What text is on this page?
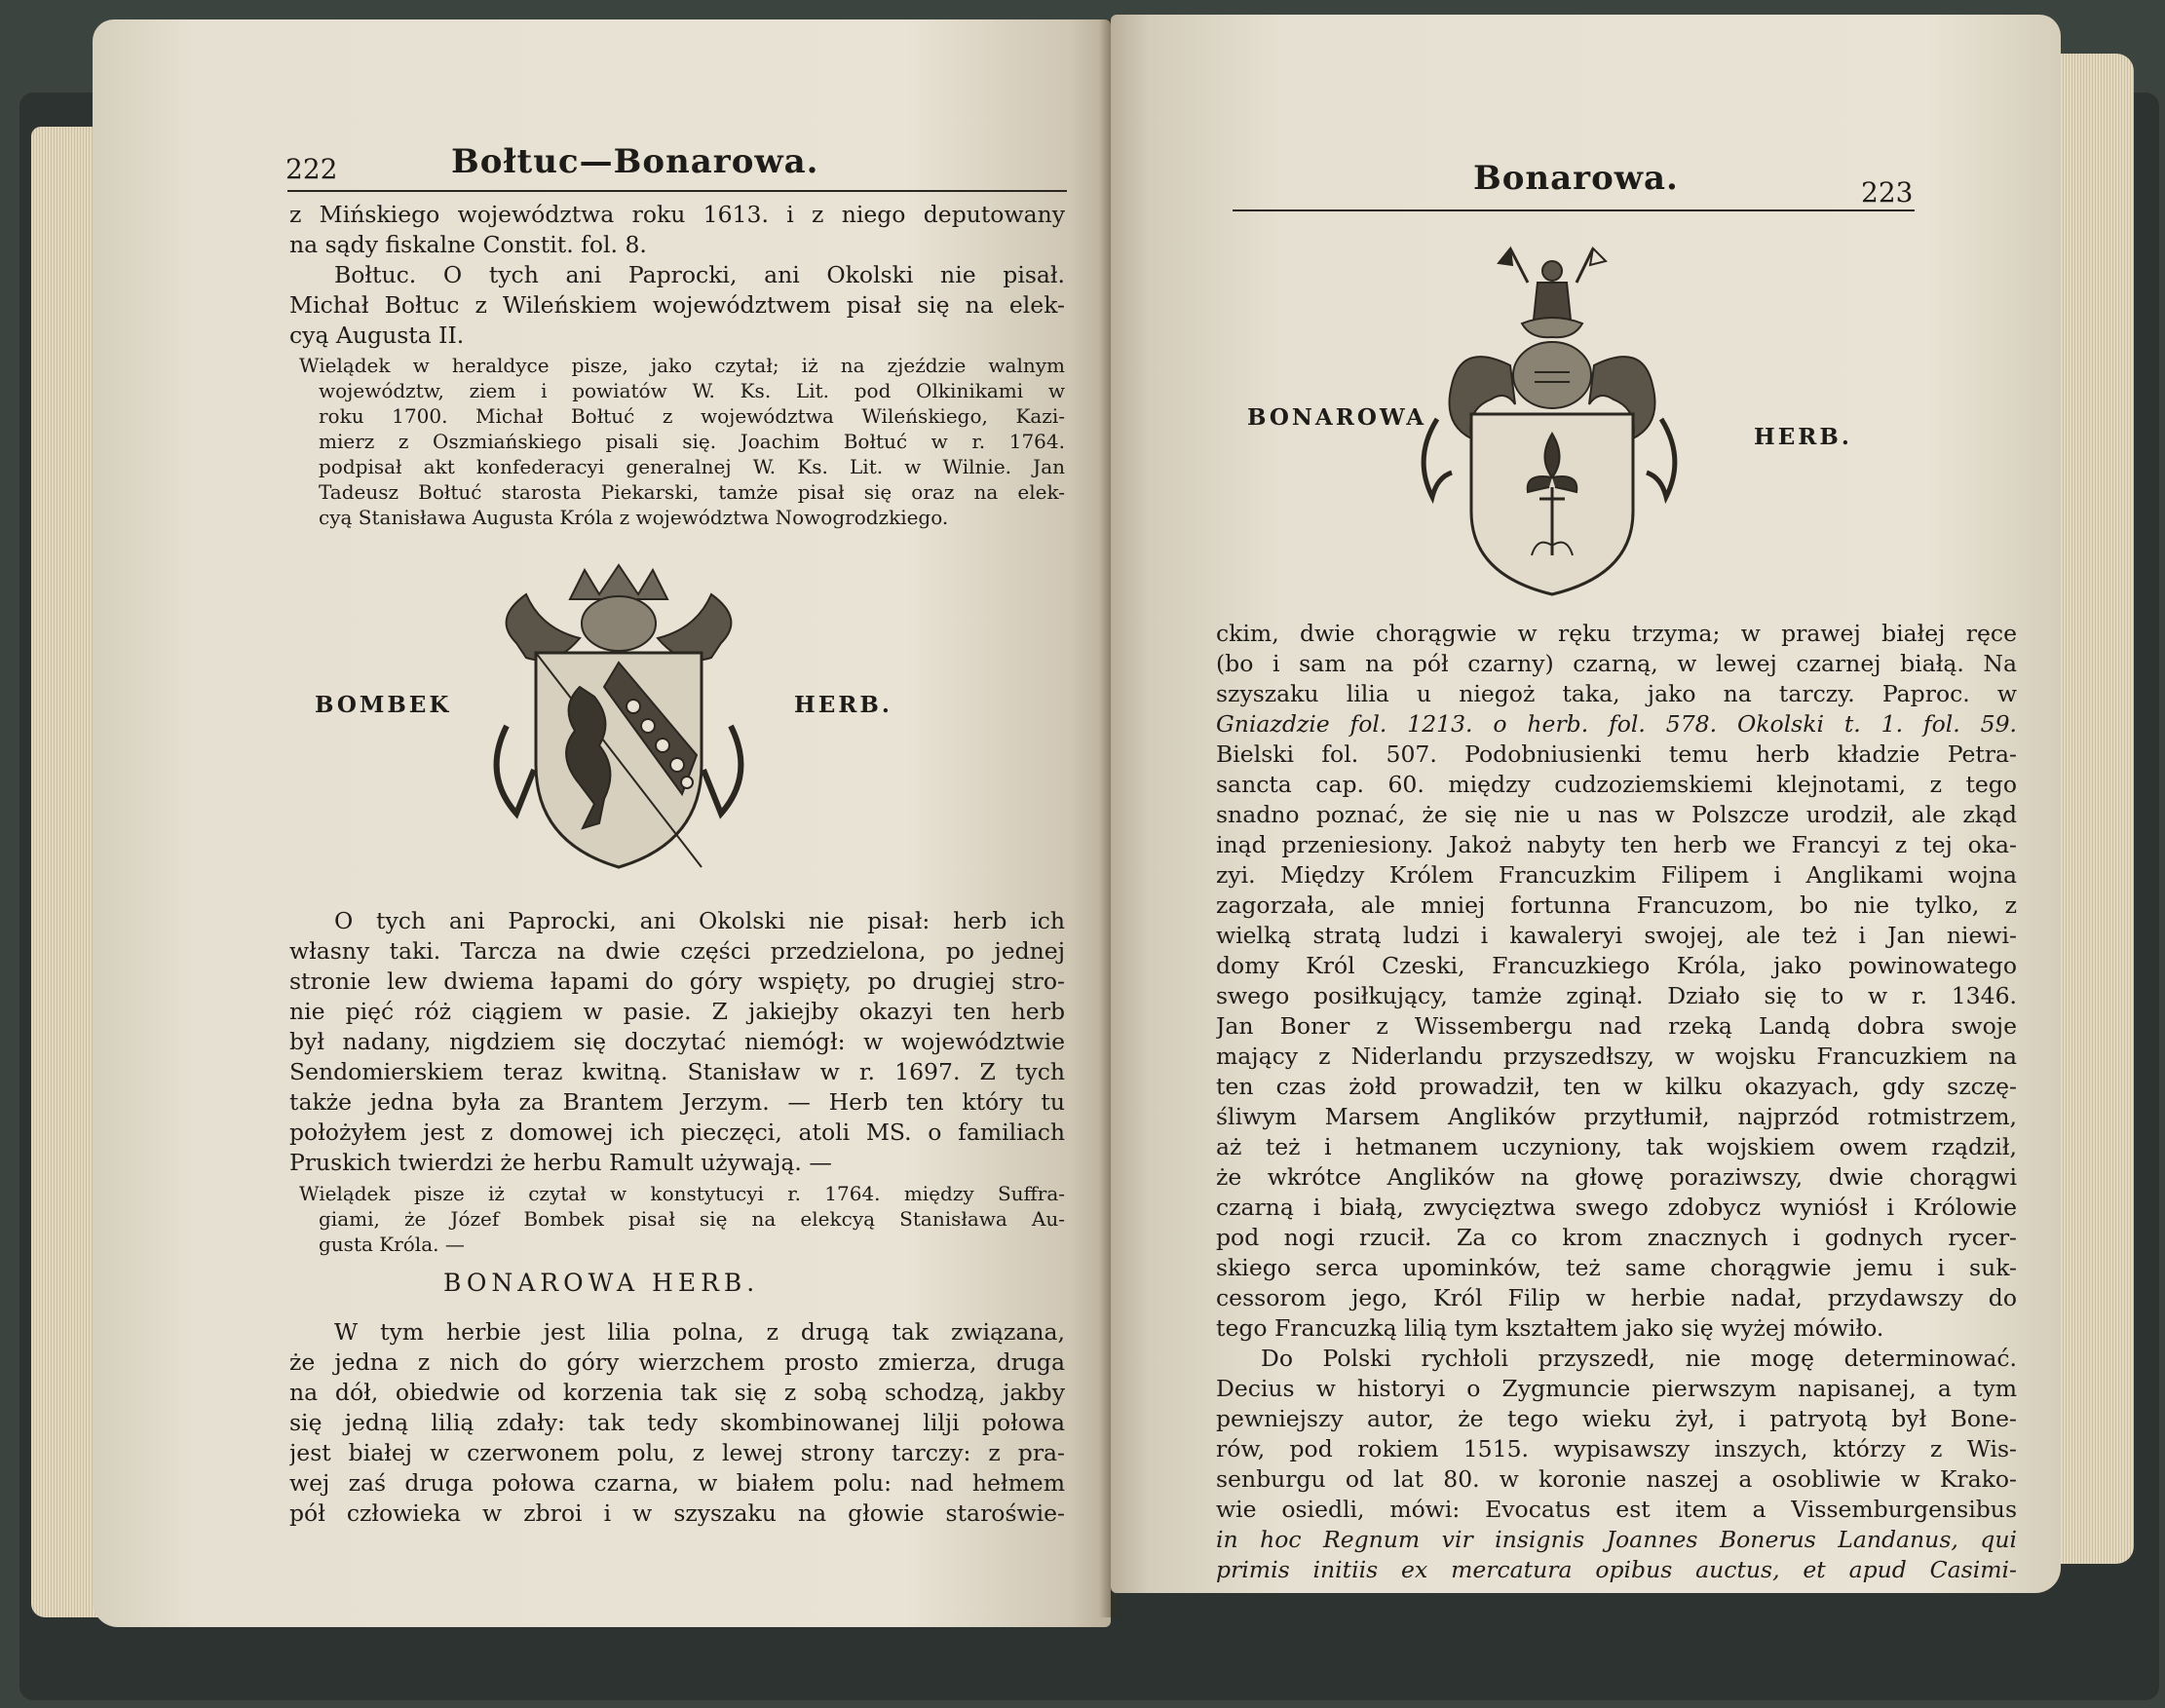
222	Bołtuc—Bonarowa.
z Mińskiego województwa roku 1613. i z niego deputowany
na sądy fiskalne Constit. fol. 8.
Bołtuc. O tych ani Paprocki, ani Okolski nie pisał.
Michał Bołtuc z Wileńskiem województwem pisał się na elek-
cyą Augusta II.
Wielądek w heraldyce pisze, jako czytał; iż na zjeździe walnym
województw, ziem i powiatów W. Ks. Lit. pod Olkinikami w
roku 1700. Michał Bołtuć z województwa Wileńskiego, Kazi-
mierz z Oszmiańskiego pisali się. Joachim Bołtuć w r. 1764.
podpisał akt konfederacyi generalnej W. Ks. Lit. w Wilnie. Jan
Tadeusz Bołtuć starosta Piekarski, tamże pisał się oraz na elek-
cyą Stanisława Augusta Króla z województwa Nowogrodzkiego.
BOMBEK	HERB.
O tych ani Paprocki, ani Okolski nie pisał: herb ich
własny taki. Tarcza na dwie części przedzielona, po jednej
stronie lew dwiema łapami do góry wspięty, po drugiej stro-
nie pięć róż ciągiem w pasie. Z jakiejby okazyi ten herb
był nadany, nigdziem się doczytać niemógł: w województwie
Sendomierskiem teraz kwitną. Stanisław w r. 1697. Z tych
także jedna była za Brantem Jerzym. — Herb ten który tu
położyłem jest z domowej ich pieczęci, atoli MS. o familiach
Pruskich twierdzi że herbu Ramult używają. —
Wielądek pisze iż czytał w konstytucyi r. 1764. między Suffra-
giami, że Józef Bombek pisał się na elekcyą Stanisława Au-
gusta Króla. —
BONAROWA HERB.
W tym herbie jest lilia polna, z drugą tak związana,
że jedna z nich do góry wierzchem prosto zmierza, druga
na dół, obiedwie od korzenia tak się z sobą schodzą, jakby
się jedną lilią zdały: tak tedy skombinowanej lilji połowa
jest białej w czerwonem polu, z lewej strony tarczy: z pra-
wej zaś druga połowa czarna, w białem polu: nad hełmem
pół człowieka w zbroi i w szyszaku na głowie staroświe-
Bonarowa.	223
BONAROWA
HERB.
ckim, dwie chorągwie w ręku trzyma; w prawej białej ręce
(bo i sam na pół czarny) czarną, w lewej czarnej białą. Na
szyszaku lilia u niegoż taka, jako na tarczy. Paproc. w
Gniazdzie fol. 1213. o herb. fol. 578. Okolski t. 1. fol. 59.
Bielski fol. 507. Podobniusienki temu herb kładzie Petra-
sancta cap. 60. między cudzoziemskiemi klejnotami, z tego
snadno poznać, że się nie u nas w Polszcze urodził, ale zkąd
inąd przeniesiony. Jakoż nabyty ten herb we Francyi z tej oka-
zyi. Między Królem Francuzkim Filipem i Anglikami wojna
zagorzała, ale mniej fortunna Francuzom, bo nie tylko, z
wielką stratą ludzi i kawaleryi swojej, ale też i Jan niewi-
domy Król Czeski, Francuzkiego Króla, jako powinowatego
swego posiłkujący, tamże zginął. Działo się to w r. 1346.
Jan Boner z Wissembergu nad rzeką Landą dobra swoje
mający z Niderlandu przyszedłszy, w wojsku Francuzkiem na
ten czas żołd prowadził, ten w kilku okazyach, gdy szczę-
śliwym Marsem Anglików przytłumił, najprzód rotmistrzem,
aż też i hetmanem uczyniony, tak wojskiem owem rządził,
że wkrótce Anglików na głowę poraziwszy, dwie chorągwi
czarną i białą, zwycięztwa swego zdobycz wyniósł i Królowie
pod nogi rzucił. Za co krom znacznych i godnych rycer-
skiego serca upominków, też same chorągwie jemu i suk-
cessorom jego, Król Filip w herbie nadał, przydawszy do
tego Francuzką lilią tym kształtem jako się wyżej mówiło.
Do Polski rychłoli przyszedł, nie mogę determinować.
Decius w historyi o Zygmuncie pierwszym napisanej, a tym
pewniejszy autor, że tego wieku żył, i patryotą był Bone-
rów, pod rokiem 1515. wypisawszy inszych, którzy z Wis-
senburgu od lat 80. w koronie naszej a osobliwie w Krako-
wie osiedli, mówi: Evocatus est item a Vissemburgensibus
in hoc Regnum vir insignis Joannes Bonerus Landanus, qui
primis initiis ex mercatura opibus auctus, et apud Casimi-
